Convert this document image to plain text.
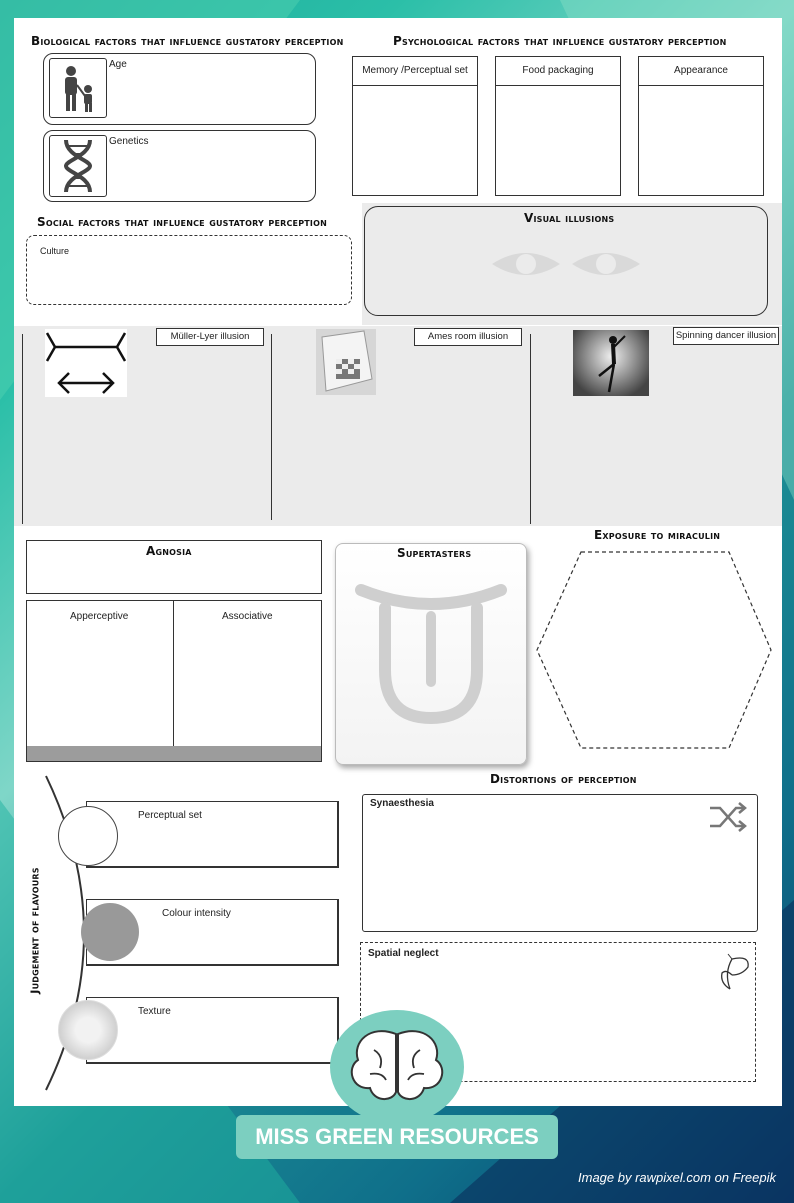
Biological factors that influence gustatory perception
Age
Genetics
Psychological factors that influence gustatory perception
Memory /Perceptual set	Food packaging	Appearance
Social factors that influence gustatory perception
Culture
Visual illusions
Müller-Lyer illusion	Ames room illusion	Spinning dancer illusion
Agnosia
Apperceptive	Associative
Supertasters
Exposure to miraculin
Judgement of flavours
Perceptual set
Colour intensity
Texture
Distortions of perception
Synaesthesia
Spatial neglect
MISS GREEN RESOURCES
Image by rawpixel.com on Freepik
